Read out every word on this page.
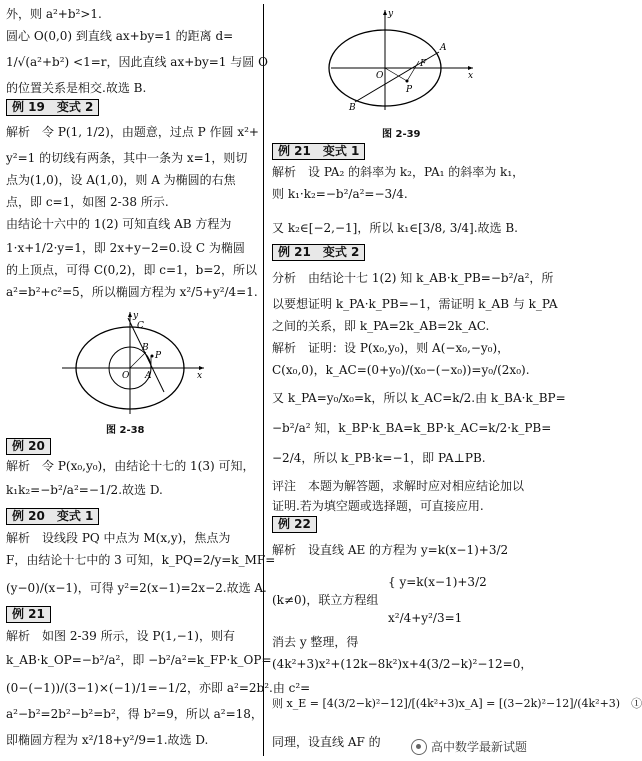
外，则 a²+b²>1.
圆心 O(0,0) 到直线 ax+by=1 的距离 d=
1/√(a²+b²) <1=r，因此直线 ax+by=1 与圆 O
的位置关系是相交.故选 B.
例 19　变式 2
解析　令 P(1, 1/2)，由题意，过点 P 作圆 x²+
y²=1 的切线有两条，其中一条为 x=1，则切
点为(1,0)，设 A(1,0)，则 A 为椭圆的右焦
点，即 c=1，如图 2-38 所示.
由结论十六中的 1(2) 可知直线 AB 方程为
1·x+1/2·y=1，即 2x+y−2=0.设 C 为椭圆
的上顶点，可得 C(0,2)，即 c=1，b=2，所以
a²=b²+c²=5，所以椭圆方程为 x²/5+y²/4=1.
y
x
C
B
P
O A
图 2-38
例 20
解析　令 P(x₀,y₀)，由结论十七的 1(3) 可知，
k₁k₂=−b²/a²=−1/2.故选 D.
例 20　变式 1
解析　设线段 PQ 中点为 M(x,y)，焦点为
F，由结论十七中的 3 可知，k_PQ=2/y=k_MF=
(y−0)/(x−1)，可得 y²=2(x−1)=2x−2.故选 A.
例 21
解析　如图 2-39 所示，设 P(1,−1)，则有
k_AB·k_OP=−b²/a²，即 −b²/a²=k_FP·k_OP=
(0−(−1))/(3−1)×(−1)/1=−1/2，亦即 a²=2b².由 c²=
a²−b²=2b²−b²=b²，得 b²=9，所以 a²=18，
即椭圆方程为 x²/18+y²/9=1.故选 D.
y
x
A
F
P
O
B
图 2-39
例 21　变式 1
解析　设 PA₂ 的斜率为 k₂，PA₁ 的斜率为 k₁，
则 k₁·k₂=−b²/a²=−3/4.
又 k₂∈[−2,−1]，所以 k₁∈[3/8, 3/4].故选 B.
例 21　变式 2
分析　由结论十七 1(2) 知 k_AB·k_PB=−b²/a²，所
以要想证明 k_PA·k_PB=−1，需证明 k_AB 与 k_PA
之间的关系，即 k_PA=2k_AB=2k_AC.
解析　证明：设 P(x₀,y₀)，则 A(−x₀,−y₀)，
C(x₀,0)，k_AC=(0+y₀)/(x₀−(−x₀))=y₀/(2x₀).
又 k_PA=y₀/x₀=k，所以 k_AC=k/2.由 k_BA·k_BP=
−b²/a² 知，k_BP·k_BA=k_BP·k_AC=k/2·k_PB=
−2/4，所以 k_PB·k=−1，即 PA⊥PB.
评注　本题为解答题，求解时应对相应结论加以
证明.若为填空题或选择题，可直接应用.
例 22
解析　设直线 AE 的方程为 y=k(x−1)+3/2
{ y=k(x−1)+3/2
(k≠0)，联立方程组
x²/4+y²/3=1
消去 y 整理，得
(4k²+3)x²+(12k−8k²)x+4(3/2−k)²−12=0，
则 x_E = [4(3/2−k)²−12]/[(4k²+3)x_A] = [(3−2k)²−12]/(4k²+3)　①
同理，设直线 AF 的	高中数学最新试题
